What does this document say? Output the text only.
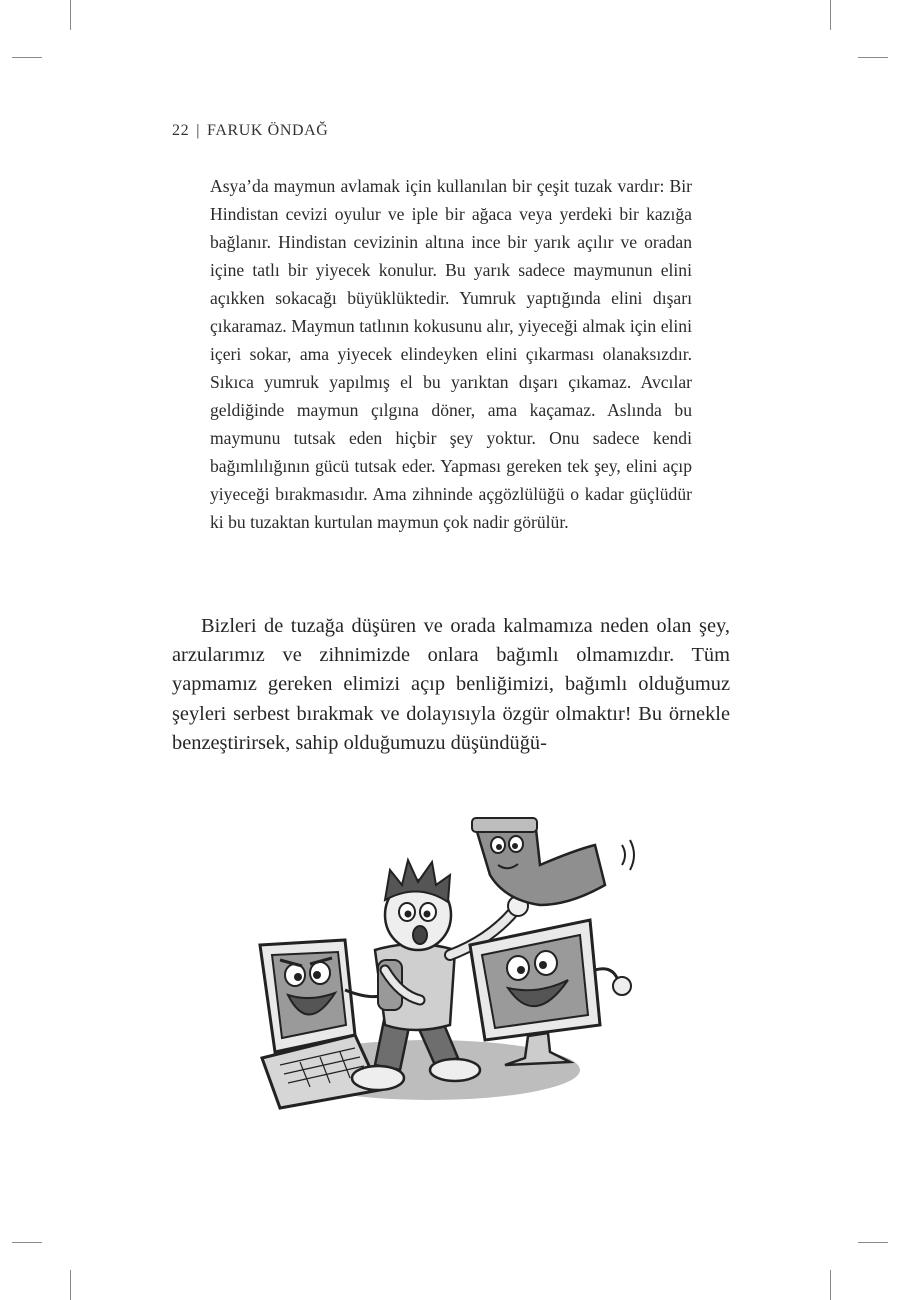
22 | FARUK ÖNDAĞ

Asya’da maymun avlamak için kullanılan bir çeşit tuzak vardır: Bir Hindistan cevizi oyulur ve iple bir ağaca veya yerdeki bir kazığa bağlanır. Hindistan cevizinin altına ince bir yarık açılır ve oradan içine tatlı bir yiyecek konulur. Bu yarık sadece maymunun elini açıkken sokacağı büyüklüktedir. Yumruk yaptığında elini dışarı çıkaramaz. Maymun tatlının kokusunu alır, yiyeceği almak için elini içeri sokar, ama yiyecek elindeyken elini çıkarması olanaksızdır. Sıkıca yumruk yapılmış el bu yarıktan dışarı çıkamaz. Avcılar geldiğinde maymun çılgına döner, ama kaçamaz. Aslında bu maymunu tutsak eden hiçbir şey yoktur. Onu sadece kendi bağımlılığının gücü tutsak eder. Yapması gereken tek şey, elini açıp yiyeceği bırakmasıdır. Ama zihninde açgözlülüğü o kadar güçlüdür ki bu tuzaktan kurtulan maymun çok nadir görülür.

Bizleri de tuzağa düşüren ve orada kalmamıza neden olan şey, arzularımız ve zihnimizde onlara bağımlı olmamızdır. Tüm yapmamız gereken elimizi açıp benliğimizi, bağımlı olduğumuz şeyleri serbest bırakmak ve dolayısıyla özgür olmaktır! Bu örnekle benzeştirirsek, sahip olduğumuzu düşündüğü-
